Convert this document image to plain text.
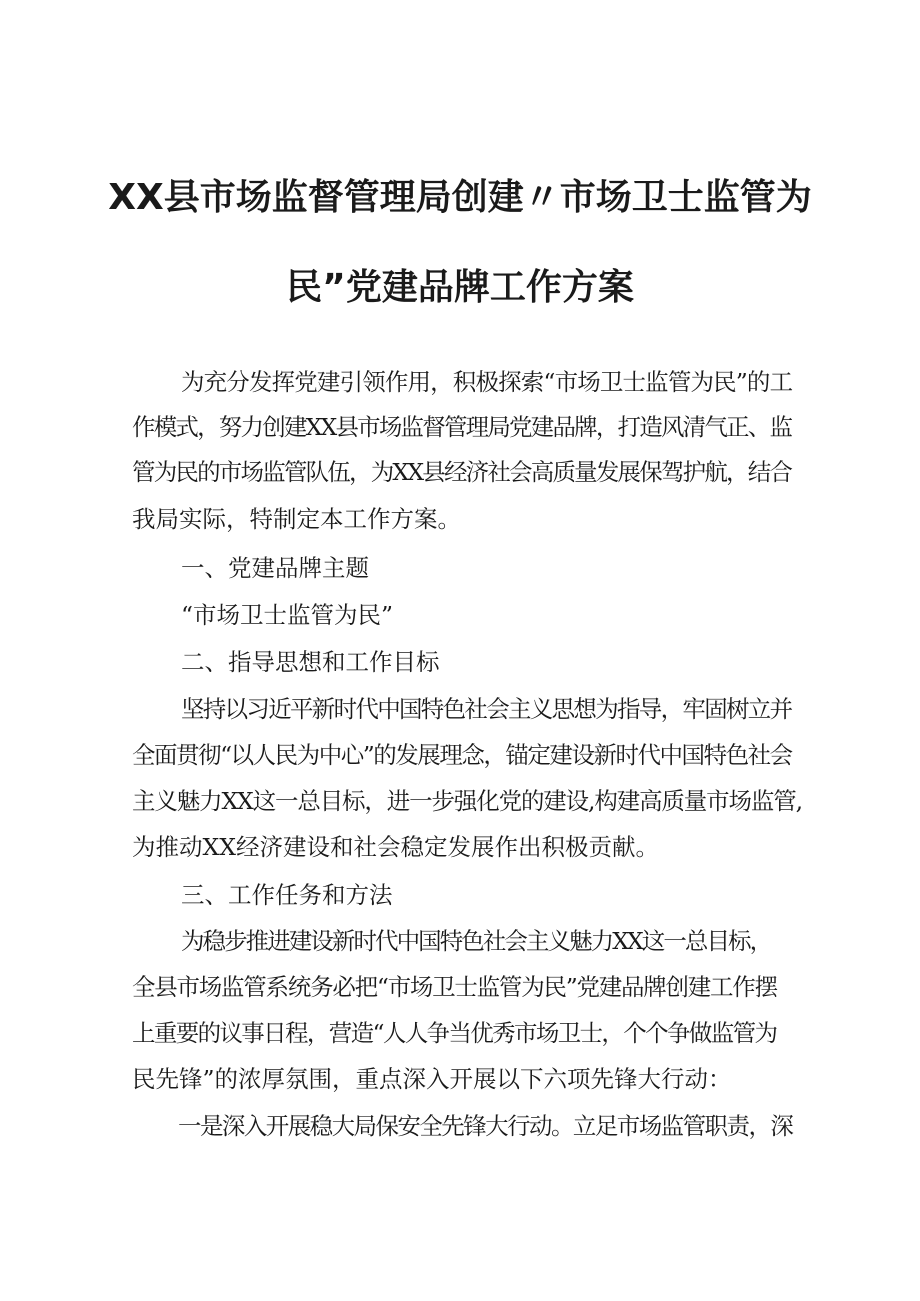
XX县市场监督管理局创建〃市场卫士监管为
民”党建品牌工作方案
为充分发挥党建引领作用，积极探索“市场卫士监管为民”的工
作模式，努力创建XX县市场监督管理局党建品牌，打造风清气正、监
管为民的市场监管队伍，为XX县经济社会高质量发展保驾护航，结合
我局实际，特制定本工作方案。
一、党建品牌主题
“市场卫士监管为民”
二、指导思想和工作目标
坚持以习近平新时代中国特色社会主义思想为指导，牢固树立并
全面贯彻“以人民为中心”的发展理念，锚定建设新时代中国特色社会
主义魅力XX这一总目标，进一步强化党的建设,构建高质量市场监管,
为推动XX经济建设和社会稳定发展作出积极贡献。
三、工作任务和方法
为稳步推进建设新时代中国特色社会主义魅力XX这一总目标，
全县市场监管系统务必把“市场卫士监管为民”党建品牌创建工作摆
上重要的议事日程，营造“人人争当优秀市场卫士，个个争做监管为
民先锋”的浓厚氛围，重点深入开展以下六项先锋大行动：
一是深入开展稳大局保安全先锋大行动。立足市场监管职责，深
